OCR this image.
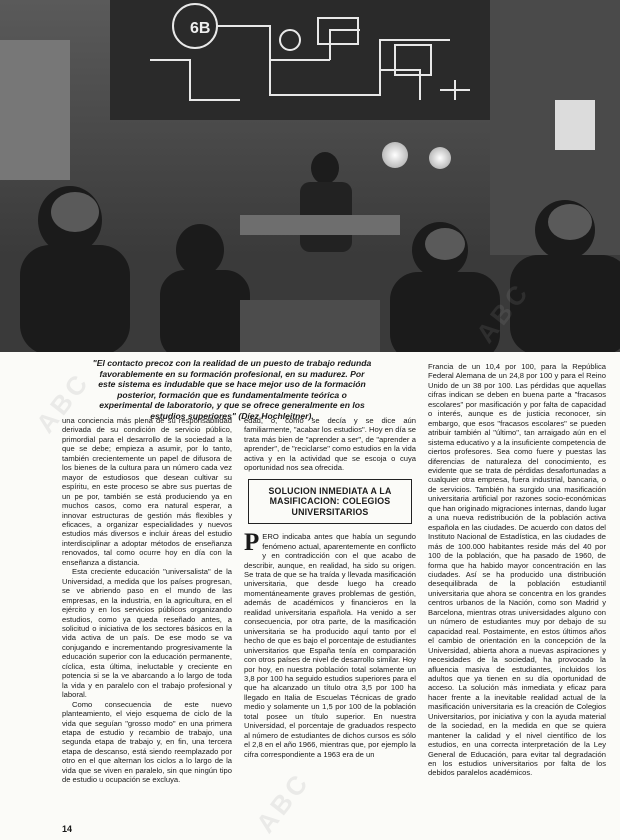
6B
"El contacto precoz con la realidad de un puesto de trabajo redunda favorablemente en su formación profesional, en su madurez. Por este sistema es indudable que se hace mejor uso de la formación posterior, formación que es fundamentalmente teórica o experimental de laboratorio, y que se ofrece generalmente en los estudios superiores" (Díez Hochleitner).

una conciencia más plena de su responsabilidad derivada de su condición de servicio público, primordial para el desarrollo de la sociedad a la que se debe; empieza a asumir, por lo tanto, también crecientemente un papel de difusora de los bienes de la cultura para un número cada vez mayor de estudiosos que desean cultivar su espíritu, en este proceso se abre sus puertas de un pe por, también se está produciendo ya en muchos casos, como era natural esperar, a innovar estructuras de gestión más flexibles y eficaces, a organizar especialidades y nuevos estudios más diversos e incluir áreas del estudio interdisciplinar a adoptar métodos de enseñanza renovados, tal como ocurre hoy en día con la enseñanza a distancia.

Esta creciente educación "universalista" de la Universidad, a medida que los países progresan, se ve abriendo paso en el mundo de las empresas, en la industria, en la agricultura, en el ejército y en los servicios públicos organizando estudios, como ya queda reseñado antes, a solicitud o iniciativa de los sectores básicos en la vida activa de un país. De ese modo se va conjugando e incrementando progresivamente la educación superior con la educación permanente, cíclica, esta última, ineluctable y creciente en potencia si se la ve abarcando a lo largo de toda la vida y en paralelo con el trabajo profesional y laboral.

Como consecuencia de este nuevo planteamiento, el viejo esquema de ciclo de la vida que seguían "grosso modo" en una primera etapa de estudio y recambio de trabajo, una segunda etapa de trabajo y, en fin, una tercera etapa de descanso, está siendo reemplazado por otro en el que alternan los ciclos a lo largo de la vida que se viven en paralelo, sin que ningún tipo de estudio u ocupación se excluya.

edad, o, como se decía y se dice aún familiarmente, "acabar los estudios". Hoy en día se trata más bien de "aprender a ser", de "aprender a aprender", de "reciclarse" como estudios en la vida activa y en la actividad que se escoja o cuya oportunidad nos sea ofrecida.

SOLUCION INMEDIATA A LA MASIFICACION: COLEGIOS UNIVERSITARIOS

PERO indicaba antes que había un segundo fenómeno actual, aparentemente en conflicto y en contradicción con el que acabo de describir, aunque, en realidad, ha sido su origen. Se trata de que se ha traída y llevada masificación universitaria, que desde luego ha creado momentáneamente graves problemas de gestión, además de académicos y financieros en la realidad universitaria española. Ha venido a ser consecuencia, por otra parte, de la masificación universitaria se ha producido aquí tanto por el hecho de que es bajo el porcentaje de estudiantes universitarios que España tenía en comparación con otros países de nivel de desarrollo similar. Hoy por hoy, en nuestra población total solamente un 3,8 por 100 ha seguido estudios superiores para el que ha alcanzado un título otra 3,5 por 100 ha llegado en Italia de Escuelas Técnicas de grado medio y solamente un 1,5 por 100 de la población total posee un título superior. En nuestra Universidad, el porcentaje de graduados respecto al número de estudiantes de dichos cursos es sólo el 2,8 en el año 1966, mientras que, por ejemplo la cifra correspondiente a 1963 era de un

Francia de un 10,4 por 100, para la República Federal Alemana de un 24,8 por 100 y para el Reino Unido de un 38 por 100. Las pérdidas que aquellas cifras indican se deben en buena parte a "fracasos escolares" por masificación y por falta de capacidad o interés, aunque es de justicia reconocer, sin embargo, que esos "fracasos escolares" se pueden atribuir también al "último", tan arraigado aún en el sistema educativo y a la insuficiente competencia de ciertos profesores. Sea como fuere y puestas las diferencias de naturaleza del conocimiento, es evidente que se trata de pérdidas desafortunadas a cualquier otra empresa, fuera industrial, bancaria, o de servicios. También ha surgido una masificación universitaria artificial por razones socio-económicas que han originado migraciones internas, dando lugar a una nueva redistribución de la población activa española en las ciudades. De acuerdo con datos del Instituto Nacional de Estadística, en las ciudades de más de 100.000 habitantes reside más del 40 por 100 de la población, que ha pasado de 1960, de forma que ha habido mayor concentración en las ciudades. Así se ha producido una distribución desequilibrada de la población estudiantil universitaria que ahora se concentra en los grandes centros urbanos de la Nación, como son Madrid y Barcelona, mientras otras universidades alguno con un número de estudiantes muy por debajo de su capacidad real. Postaimente, en estos últimos años el cambio de orientación en la concepción de la Universidad, abierta ahora a nuevas aspiraciones y necesidades de la sociedad, ha provocado la afluencia masiva de estudiantes, incluidos los adultos que ya tienen en su día oportunidad de acceso. La solución más inmediata y eficaz para hacer frente a la inevitable realidad actual de la masificación universitaria es la creación de Colegios Universitarios, por iniciativa y con la ayuda material de la sociedad, en la medida en que se quiera mantener la calidad y el nivel científico de los estudios, en una correcta interpretación de la Ley General de Educación, para evitar tal degradación en los estudios universitarios por falta de los debidos paralelos académicos.

14
ABC
ABC
